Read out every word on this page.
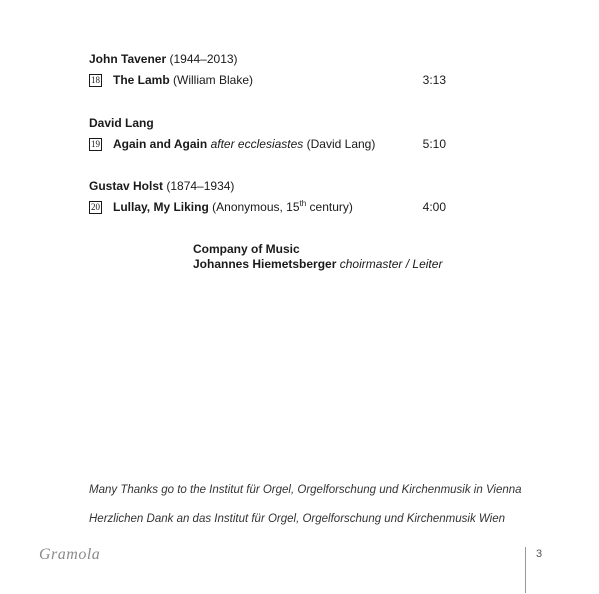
John Tavener (1944–2013)
18 The Lamb (William Blake)	3:13
David Lang
19 Again and Again after ecclesiastes (David Lang)	5:10
Gustav Holst (1874–1934)
20 Lullay, My Liking (Anonymous, 15th century)	4:00
Company of Music
Johannes Hiemetsberger choirmaster / Leiter
Many Thanks go to the Institut für Orgel, Orgelforschung und Kirchenmusik in Vienna
Herzlichen Dank an das Institut für Orgel, Orgelforschung und Kirchenmusik Wien
Gramola	3
